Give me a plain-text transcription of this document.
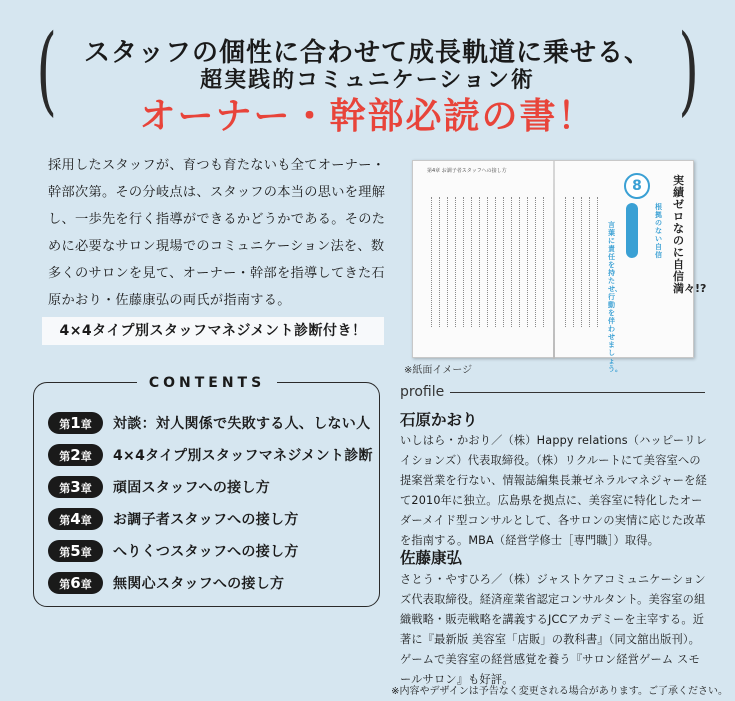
(	)
スタッフの個性に合わせて成長軌道に乗せる、
超実践的コミュニケーション術
オーナー・幹部必読の書！

採用したスタッフが、育つも育たないも全てオーナー・幹部次第。その分岐点は、スタッフの本当の思いを理解し、一歩先を行く指導ができるかどうかである。そのために必要なサロン現場でのコミュニケーション法を、数多くのサロンを見て、オーナー・幹部を指導してきた石原かおり・佐藤康弘の両氏が指南する。

4×4タイプ別スタッフマネジメント診断付き！
CONTENTS
第1章	対談：対人関係で失敗する人、しない人
第2章	4×4タイプ別スタッフマネジメント診断
第3章	頑固スタッフへの接し方
第4章	お調子者スタッフへの接し方
第5章	へりくつスタッフへの接し方
第6章	無関心スタッフへの接し方
第4章 お調子者スタッフへの接し方
8	実績ゼロなのに自信満々!?
根拠のない自信
言葉に責任を持たせ、行動を伴わせましょう。
※紙面イメージ
profile
石原かおり

いしはら・かおり／（株）Happy relations（ハッピーリレイションズ）代表取締役。（株）リクルートにて美容室への提案営業を行ない、情報誌編集長兼ゼネラルマネジャーを経て2010年に独立。広島県を拠点に、美容室に特化したオーダーメイド型コンサルとして、各サロンの実情に応じた改革を指南する。MBA（経営学修士［専門職］）取得。

佐藤康弘

さとう・やすひろ／（株）ジャストケアコミュニケーションズ代表取締役。経済産業省認定コンサルタント。美容室の組織戦略・販売戦略を講義するJCCアカデミーを主宰する。近著に『最新版 美容室「店販」の教科書』（同文舘出版刊）。ゲームで美容室の経営感覚を養う『サロン経営ゲーム スモールサロン』も好評。

※内容やデザインは予告なく変更される場合があります。ご了承ください。
